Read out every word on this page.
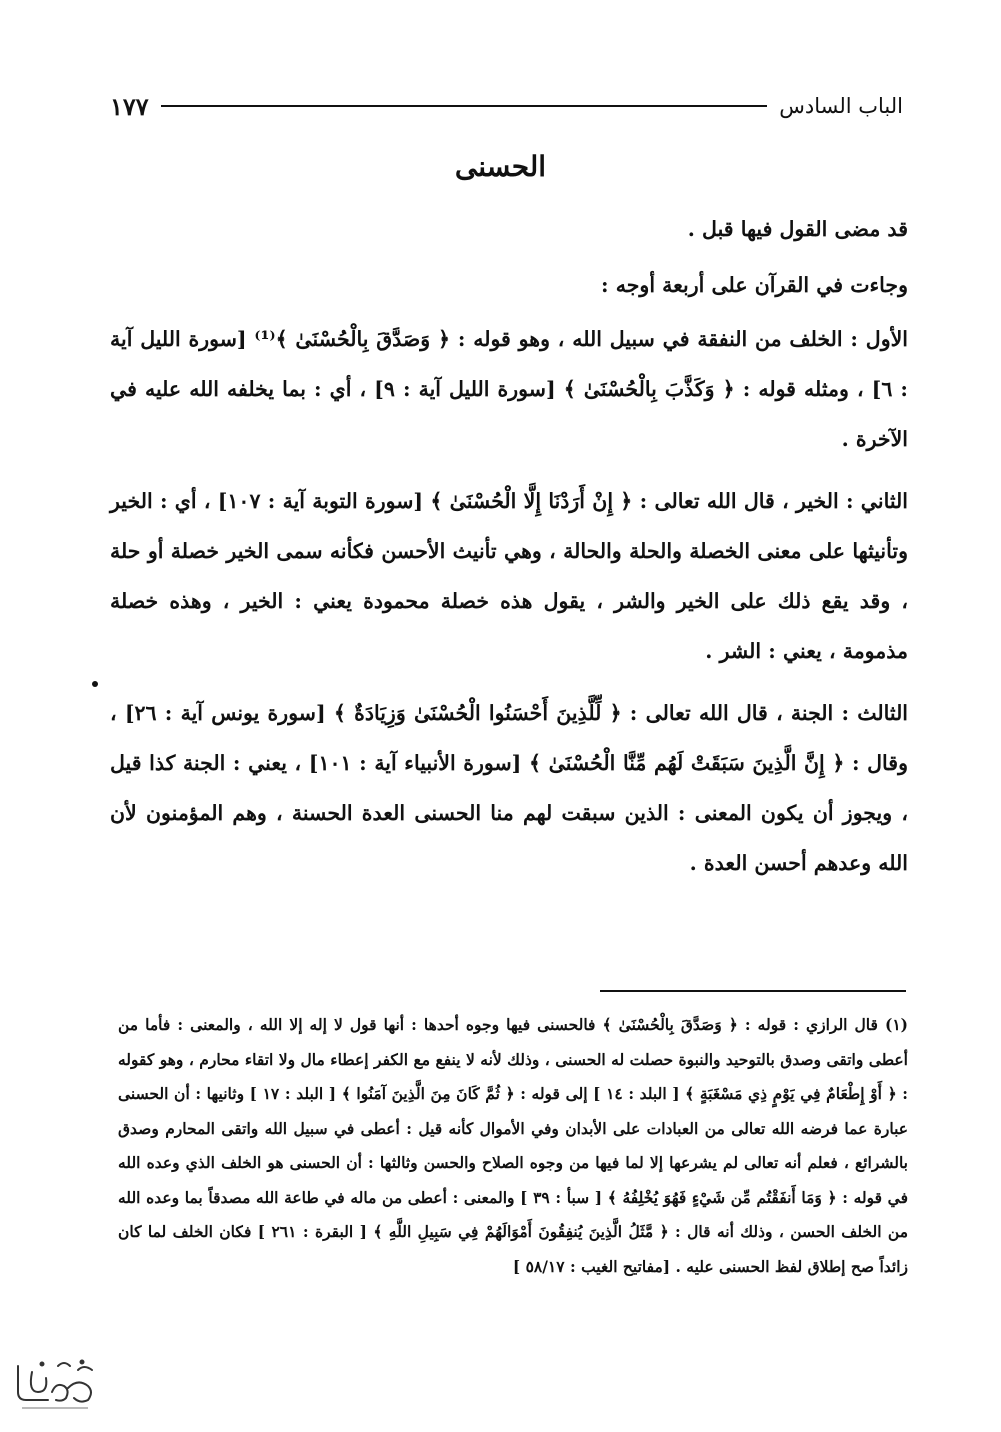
الباب السادس
١٧٧
الحسنى

قد مضى القول فيها قبل .

وجاءت في القرآن على أربعة أوجه :

الأول : الخلف من النفقة في سبيل الله ، وهو قوله : ﴿ وَصَدَّقَ بِالْحُسْنَىٰ ﴾⁽¹⁾ [سورة الليل آية : ٦] ، ومثله قوله : ﴿ وَكَذَّبَ بِالْحُسْنَىٰ ﴾ [سورة الليل آية : ٩] ، أي : بما يخلفه الله عليه في الآخرة .

الثاني : الخير ، قال الله تعالى : ﴿ إِنْ أَرَدْنَا إِلَّا الْحُسْنَىٰ ﴾ [سورة التوبة آية : ١٠٧] ، أي : الخير وتأنيثها على معنى الخصلة والحلة والحالة ، وهي تأنيث الأحسن فكأنه سمى الخير خصلة أو حلة ، وقد يقع ذلك على الخير والشر ، يقول هذه خصلة محمودة يعني : الخير ، وهذه خصلة مذمومة ، يعني : الشر .

الثالث : الجنة ، قال الله تعالى : ﴿ لِّلَّذِينَ أَحْسَنُوا الْحُسْنَىٰ وَزِيَادَةٌ ﴾ [سورة يونس آية : ٢٦] ، وقال : ﴿ إِنَّ الَّذِينَ سَبَقَتْ لَهُم مِّنَّا الْحُسْنَىٰ ﴾ [سورة الأنبياء آية : ١٠١] ، يعني : الجنة كذا قيل ، ويجوز أن يكون المعنى : الذين سبقت لهم منا الحسنى العدة الحسنة ، وهم المؤمنون لأن الله وعدهم أحسن العدة .

(١) قال الرازي : قوله : ﴿ وَصَدَّقَ بِالْحُسْنَىٰ ﴾ فالحسنى فيها وجوه أحدها : أنها قول لا إله إلا الله ، والمعنى : فأما من أعطى واتقى وصدق بالتوحيد والنبوة حصلت له الحسنى ، وذلك لأنه لا ينفع مع الكفر إعطاء مال ولا اتقاء محارم ، وهو كقوله : ﴿ أَوْ إِطْعَامٌ فِي يَوْمٍ ذِي مَسْغَبَةٍ ﴾ [ البلد : ١٤ ] إلى قوله : ﴿ ثُمَّ كَانَ مِنَ الَّذِينَ آمَنُوا ﴾ [ البلد : ١٧ ] وثانيها : أن الحسنى عبارة عما فرضه الله تعالى من العبادات على الأبدان وفي الأموال كأنه قيل : أعطى في سبيل الله واتقى المحارم وصدق بالشرائع ، فعلم أنه تعالى لم يشرعها إلا لما فيها من وجوه الصلاح والحسن وثالثها : أن الحسنى هو الخلف الذي وعده الله في قوله : ﴿ وَمَا أَنفَقْتُم مِّن شَيْءٍ فَهُوَ يُخْلِفُهُ ﴾ [ سبأ : ٣٩ ] والمعنى : أعطى من ماله في طاعة الله مصدقاً بما وعده الله من الخلف الحسن ، وذلك أنه قال : ﴿ مَّثَلُ الَّذِينَ يُنفِقُونَ أَمْوَالَهُمْ فِي سَبِيلِ اللَّهِ ﴾ [ البقرة : ٢٦١ ] فكان الخلف لما كان زائداً صح إطلاق لفظ الحسنى عليه . [مفاتيح الغيب : ٥٨/١٧ ]
